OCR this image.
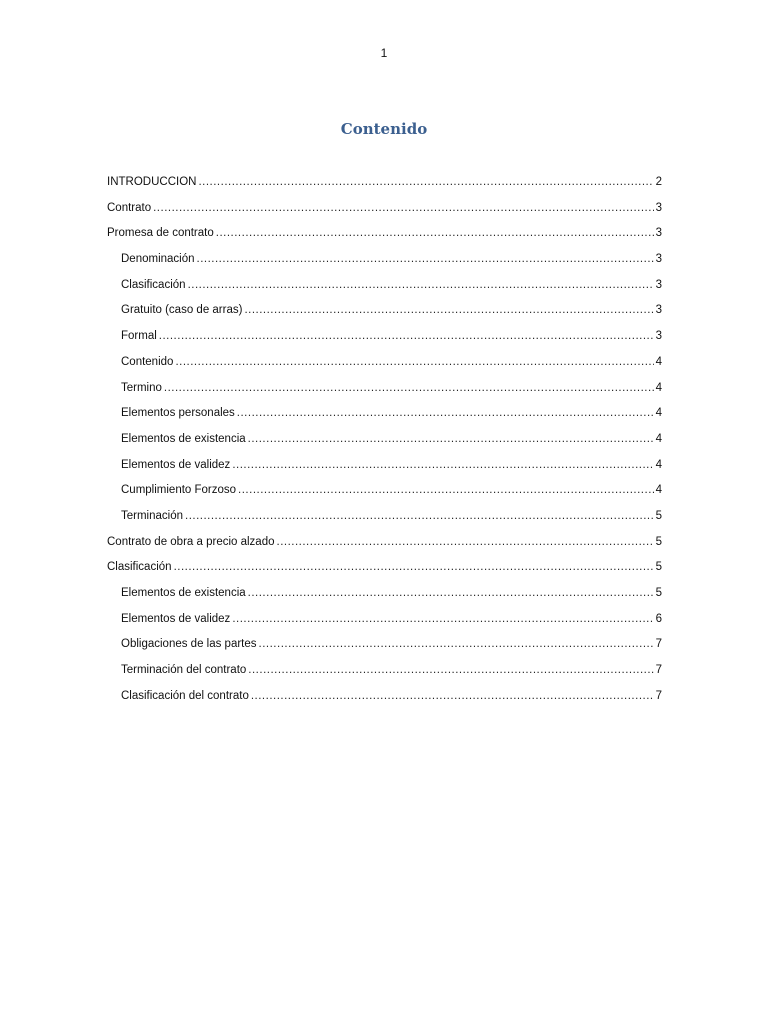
1
Contenido
INTRODUCCION .....	2
Contrato .....	3
Promesa de contrato .....	3
Denominación .....	3
Clasificación .....	3
Gratuito (caso de arras) .....	3
Formal .....	3
Contenido .....	4
Termino .....	4
Elementos personales .....	4
Elementos de existencia .....	4
Elementos de validez .....	4
Cumplimiento Forzoso .....	4
Terminación .....	5
Contrato de obra a precio alzado .....	5
Clasificación .....	5
Elementos de existencia .....	5
Elementos de validez .....	6
Obligaciones de las partes .....	7
Terminación del contrato .....	7
Clasificación del contrato .....	7
